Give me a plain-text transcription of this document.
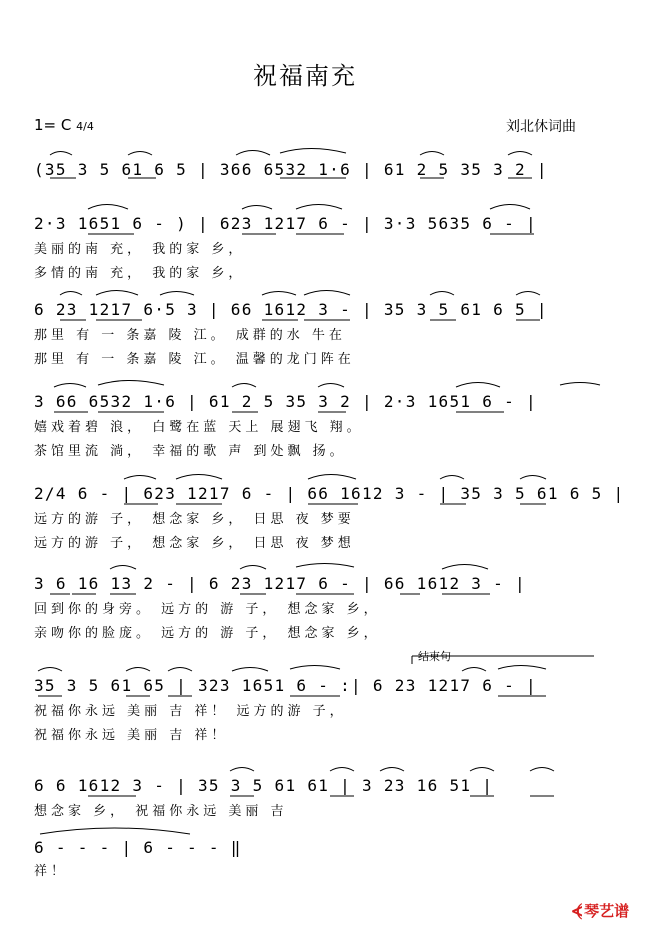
祝福南充
1= C 4/4	刘北休词曲
(35 3 5 61 6 5 | 366 6532 1·6 | 61 2 5 35 3 2 |
2·3 1651 6 - ) | 623 1217 6 - | 3·3 5635 6 - |
美丽的南 充， 我的家 乡，
多情的南 充， 我的家 乡，
6 23 1217 6·5 3 | 66 1612 3 - | 35 3 5 61 6 5 |
那里 有 一 条嘉 陵 江。 成群的水 牛在
那里 有 一 条嘉 陵 江。 温馨的龙门阵在
3 66 6532 1·6 | 61 2 5 35 3 2 | 2·3 1651 6 - |
嬉戏着碧 浪， 白鹭在蓝 天上 展翅飞 翔。
茶馆里流 淌， 幸福的歌 声 到处飘 扬。
2/4 6 - | 623 1217 6 - | 66 1612 3 - | 35 3 5 61 6 5 |
远方的游 子， 想念家 乡， 日思 夜 梦要
远方的游 子， 想念家 乡， 日思 夜 梦想
3 6 16 13 2 - | 6 23 1217 6 - | 66 1612 3 - |
回到你的身旁。 远方的 游 子， 想念家 乡，
亲吻你的脸庞。 远方的 游 子， 想念家 乡，
结束句
35 3 5 61 65 | 323 1651 6 - :| 6 23 1217 6 - |
祝福你永远 美丽 吉 祥！ 远方的游 子，
祝福你永远 美丽 吉 祥！
6 6 1612 3 - | 35 3 5 61 61 | 3 23 16 51 |
想念家 乡， 祝福你永远 美丽 吉
6 - - - | 6 - - - ‖
祥！
⦓ 琴艺谱
